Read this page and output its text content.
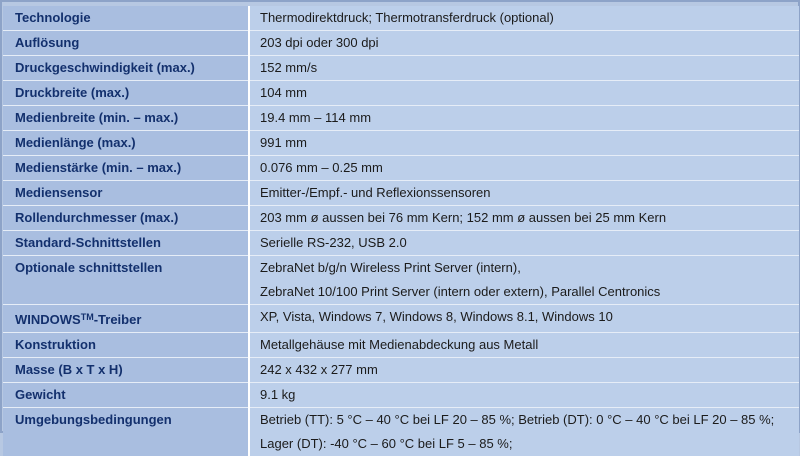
Technologie	Thermodirektdruck; Thermotransferdruck (optional)
Auflösung	203 dpi oder 300 dpi
Druckgeschwindigkeit (max.)	152 mm/s
Druckbreite (max.)	104 mm
Medienbreite (min. – max.)	19.4 mm – 114 mm
Medienlänge (max.)	991 mm
Medienstärke (min. – max.)	0.076 mm – 0.25 mm
Mediensensor	Emitter-/Empf.- und Reflexionssensoren
Rollendurchmesser (max.)	203 mm ø aussen bei 76 mm Kern; 152 mm ø aussen bei 25 mm Kern
Standard-Schnittstellen	Serielle RS-232, USB 2.0
Optionale schnittstellen	ZebraNet b/g/n Wireless Print Server (intern),
ZebraNet 10/100 Print Server (intern oder extern), Parallel Centronics

WINDOWS™-Treiber	XP, Vista, Windows 7, Windows 8, Windows 8.1, Windows 10
Konstruktion	Metallgehäuse mit Medienabdeckung aus Metall
Masse (B x T x H)	242 x 432 x 277 mm
Gewicht	9.1 kg
Umgebungsbedingungen	Betrieb (TT): 5 °C – 40 °C bei LF 20 – 85 %; Betrieb (DT): 0 °C – 40 °C bei LF 20 – 85 %;
Lager (DT): -40 °C – 60 °C bei LF 5 – 85 %;
